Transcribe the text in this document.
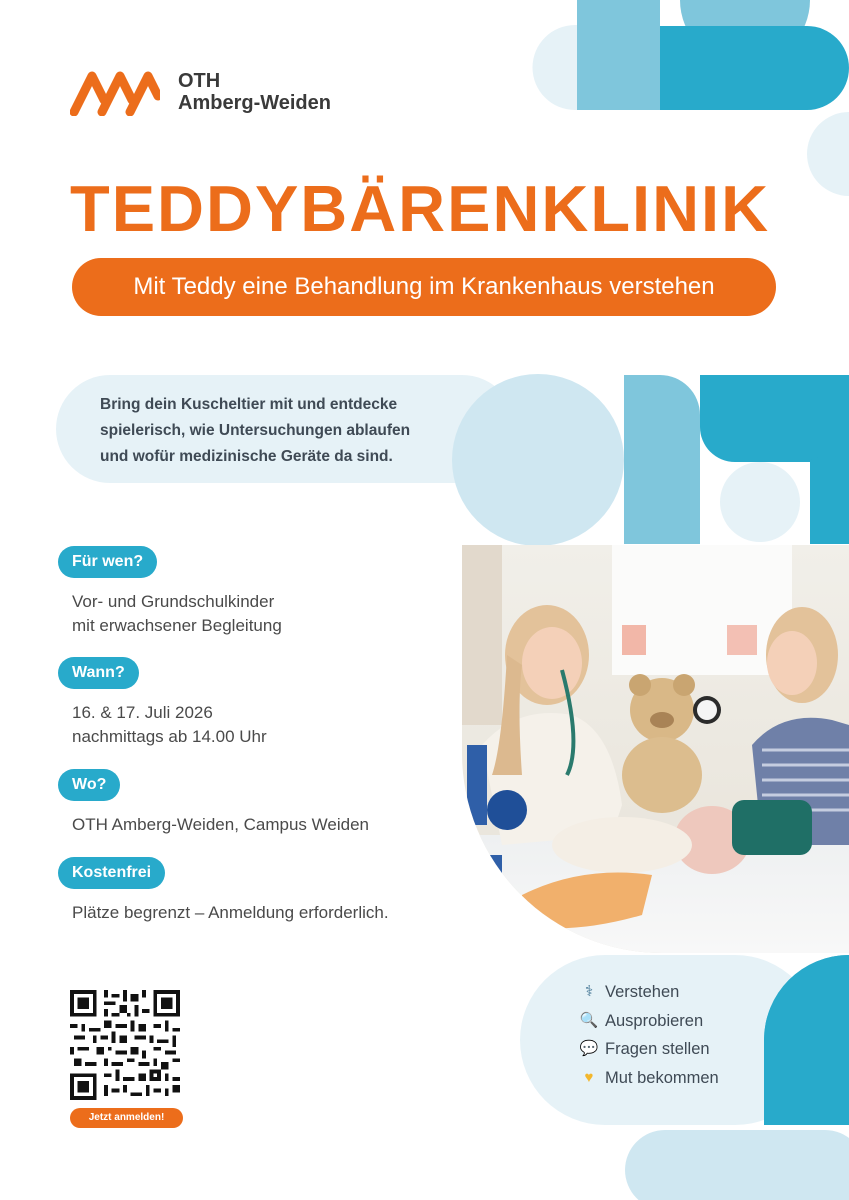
OTH
Amberg-Weiden
TEDDYBÄRENKLINIK
Mit Teddy eine Behandlung im Krankenhaus verstehen
Bring dein Kuscheltier mit und entdecke
spielerisch, wie Untersuchungen ablaufen
und wofür medizinische Geräte da sind.
Für wen?
Vor- und Grundschulkinder
mit erwachsener Begleitung
Wann?
16. & 17. Juli 2026
nachmittags ab 14.00 Uhr
Wo?
OTH Amberg-Weiden, Campus Weiden
Kostenfrei
Plätze begrenzt – Anmeldung erforderlich.
Jetzt anmelden!
⚕ Verstehen
🔍 Ausprobieren
💬 Fragen stellen
♥ Mut bekommen
